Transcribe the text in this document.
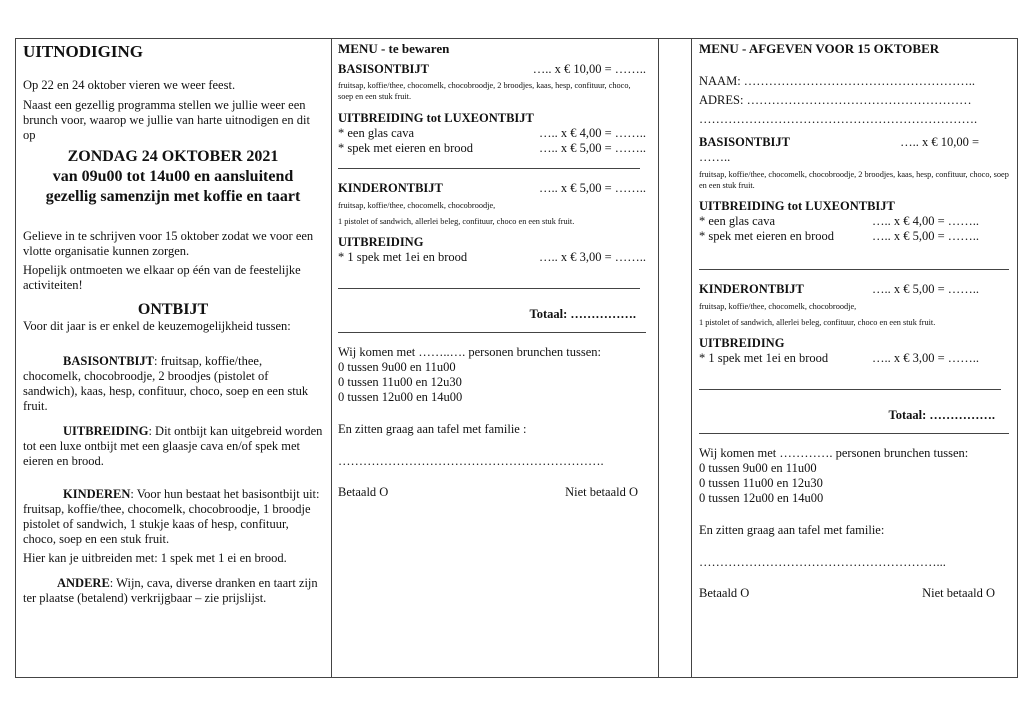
UITNODIGING

Op 22 en 24 oktober vieren we weer feest.

Naast een gezellig programma stellen we jullie weer een brunch voor, waarop we jullie van harte uitnodigen en dit op

ZONDAG 24 OKTOBER 2021
van 09u00 tot 14u00 en aansluitend
gezellig samenzijn met koffie en taart

Gelieve in te schrijven voor 15 oktober zodat we voor een vlotte organisatie kunnen zorgen.

Hopelijk ontmoeten we elkaar op één van de feestelijke activiteiten!

ONTBIJT

Voor dit jaar is er enkel de keuzemogelijkheid tussen:

BASISONTBIJT: fruitsap, koffie/thee, chocomelk, chocobroodje, 2 broodjes (pistolet of sandwich), kaas, hesp, confituur, choco, soep en een stuk fruit.

UITBREIDING: Dit ontbijt kan uitgebreid worden tot een luxe ontbijt met een glaasje cava en/of spek met eieren en brood.

KINDEREN: Voor hun bestaat het basisontbijt uit: fruitsap, koffie/thee, chocomelk, chocobroodje, 1 broodje pistolet of sandwich, 1 stukje kaas of hesp, confituur, choco, soep en een stuk fruit.

Hier kan je uitbreiden met: 1 spek met 1 ei en brood.

ANDERE: Wijn, cava, diverse dranken en taart zijn ter plaatse (betalend) verkrijgbaar – zie prijslijst.

MENU - te bewaren
BASISONTBIJT	….. x € 10,00 = ……..

fruitsap, koffie/thee, chocomelk, chocobroodje, 2 broodjes, kaas, hesp, confituur, choco, soep en een stuk fruit.

UITBREIDING tot LUXEONTBIJT
* een glas cava	….. x € 4,00 = ……..
* spek met eieren en brood	….. x € 5,00 = ……..
KINDERONTBIJT	….. x € 5,00 = ……..

fruitsap, koffie/thee, chocomelk, chocobroodje,

1 pistolet of sandwich, allerlei beleg, confituur, choco en een stuk fruit.

UITBREIDING
* 1 spek met 1ei en brood	….. x € 3,00 = ……..
Totaal: …………….

Wij komen met ……..…. personen brunchen tussen:

0 tussen 9u00 en 11u00

0 tussen 11u00 en 12u30

0 tussen 12u00 en 14u00

En zitten graag aan tafel met familie :

……………………………………………………….

Betaald O	Niet betaald O
MENU - AFGEVEN VOOR 15 OKTOBER

NAAM: ………………………………………………..

ADRES: ………………………………………………

………………………………………………………….

BASISONTBIJT	….. x € 10,00 =

……..

fruitsap, koffie/thee, chocomelk, chocobroodje, 2 broodjes, kaas, hesp, confituur, choco, soep en een stuk fruit.

UITBREIDING tot LUXEONTBIJT
* een glas cava	….. x € 4,00 = ……..
* spek met eieren en brood	….. x € 5,00 = ……..
KINDERONTBIJT	….. x € 5,00 = ……..

fruitsap, koffie/thee, chocomelk, chocobroodje,

1 pistolet of sandwich, allerlei beleg, confituur, choco en een stuk fruit.

UITBREIDING
* 1 spek met 1ei en brood	….. x € 3,00 = ……..
Totaal: …………….

Wij komen met …………. personen brunchen tussen:

0 tussen 9u00 en 11u00

0 tussen 11u00 en 12u30

0 tussen 12u00 en 14u00

En zitten graag aan tafel met familie:

…………………………………………………...

Betaald O	Niet betaald O
